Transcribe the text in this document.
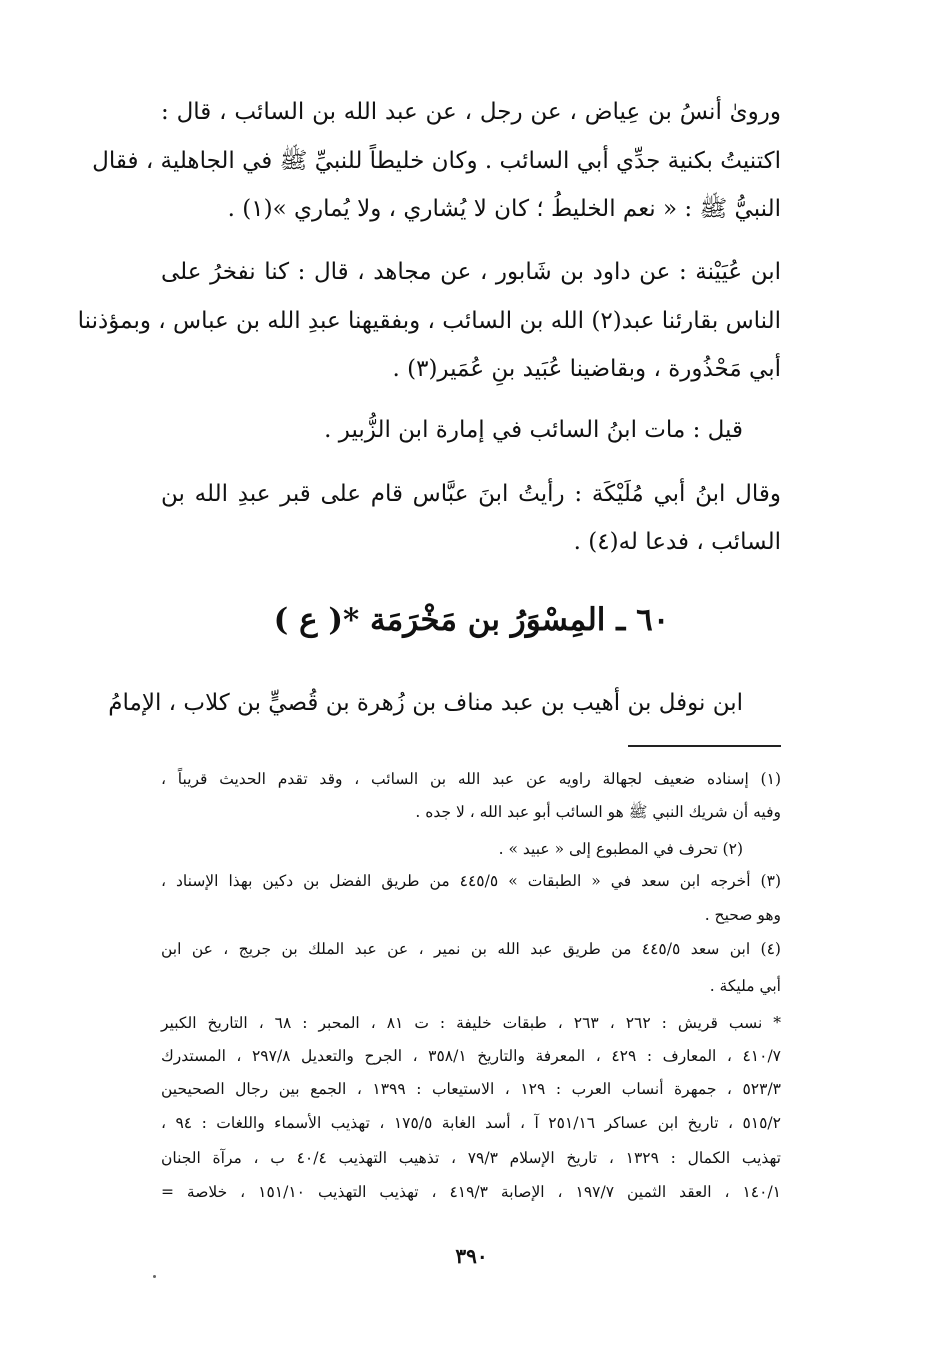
ورویٰ أنسُ بن عِياض ، عن رجل ، عن عبد الله بن السائب ، قال :
اكتنيتُ بكنية جدِّي أبي السائب . وكان خليطاً للنبيِّ ﷺ في الجاهلية ، فقال
النبيُّ ﷺ : « نعم الخليطُ ؛ كان لا يُشاري ، ولا يُماري »(١) .
ابن عُيَيْنة : عن داود بن شَابور ، عن مجاهد ، قال : كنا نفخرُ على
الناس بقارئنا عبد(٢) الله بن السائب ، وبفقيهنا عبدِ الله بن عباس ، وبمؤذننا
أبي مَحْذُورة ، وبقاضينا عُبَيد بنِ عُمَير(٣) .
قيل : مات ابنُ السائب في إمارة ابن الزُّبير .
وقال ابنُ أبي مُلَيْكَة : رأيتُ ابنَ عبَّاس قام على قبر عبدِ الله بن
السائب ، فدعا له(٤) .
٦٠ ـ المِسْوَرُ بن مَخْرَمَة *( ع )
ابن نوفل بن أهيب بن عبد مناف بن زُهرة بن قُصيٍّ بن كلاب ، الإمامُ
(١) إسناده ضعيف لجهالة راويه عن عبد الله بن السائب ، وقد تقدم الحديث قريباً ،
وفيه أن شريك النبي ﷺ هو السائب أبو عبد الله ، لا جده .
(٢) تحرف في المطبوع إلى « عبيد » .
(٣) أخرجه ابن سعد في « الطبقات » ٤٤٥/٥ من طريق الفضل بن دكين بهذا الإسناد ،
وهو صحيح .
(٤) ابن سعد ٤٤٥/٥ من طريق عبد الله بن نمير ، عن عبد الملك بن جريج ، عن ابن
أبي مليكة .
* نسب قريش : ٢٦٢ ، ٢٦٣ ، طبقات خليفة : ت ٨١ ، المحبر : ٦٨ ، التاريخ الكبير
٤١٠/٧ ، المعارف : ٤٢٩ ، المعرفة والتاريخ ٣٥٨/١ ، الجرح والتعديل ٢٩٧/٨ ، المستدرك
٥٢٣/٣ ، جمهرة أنساب العرب : ١٢٩ ، الاستيعاب : ١٣٩٩ ، الجمع بين رجال الصحيحين
٥١٥/٢ ، تاريخ ابن عساكر ٢٥١/١٦ آ ، أسد الغابة ١٧٥/٥ ، تهذيب الأسماء واللغات : ٩٤ ،
تهذيب الكمال : ١٣٢٩ ، تاريخ الإسلام ٧٩/٣ ، تذهيب التهذيب ٤٠/٤ ب ، مرآة الجنان
١٤٠/١ ، العقد الثمين ١٩٧/٧ ، الإصابة ٤١٩/٣ ، تهذيب التهذيب ١٥١/١٠ ، خلاصة =
٣٩٠
